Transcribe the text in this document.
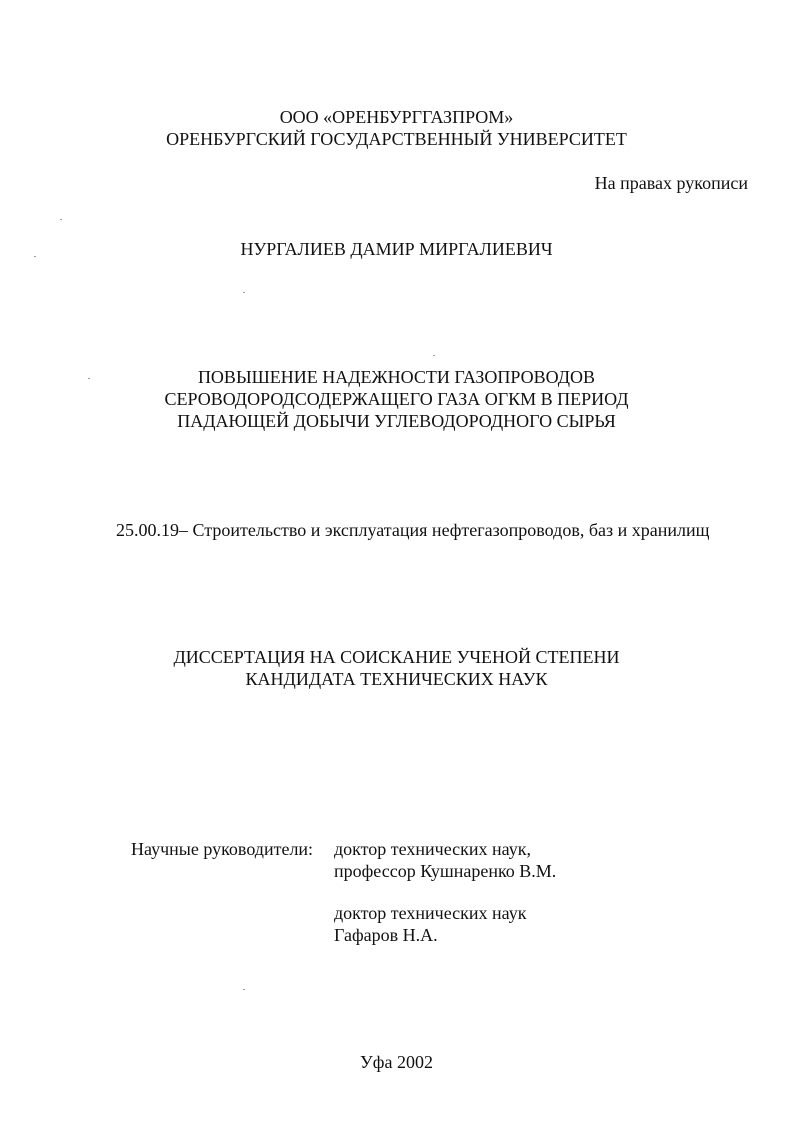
ООО «ОРЕНБУРГГАЗПРОМ»
ОРЕНБУРГСКИЙ ГОСУДАРСТВЕННЫЙ УНИВЕРСИТЕТ
На правах рукописи
НУРГАЛИЕВ ДАМИР МИРГАЛИЕВИЧ
ПОВЫШЕНИЕ НАДЕЖНОСТИ ГАЗОПРОВОДОВ
СЕРОВОДОРОДСОДЕРЖАЩЕГО ГАЗА ОГКМ В ПЕРИОД
ПАДАЮЩЕЙ ДОБЫЧИ УГЛЕВОДОРОДНОГО СЫРЬЯ
25.00.19– Строительство и эксплуатация нефтегазопроводов, баз и хранилищ
ДИССЕРТАЦИЯ НА СОИСКАНИЕ УЧЕНОЙ СТЕПЕНИ
КАНДИДАТА ТЕХНИЧЕСКИХ НАУК
Научные руководители: доктор технических наук,
профессор Кушнаренко В.М.
доктор технических наук
Гафаров Н.А.
Уфа 2002
